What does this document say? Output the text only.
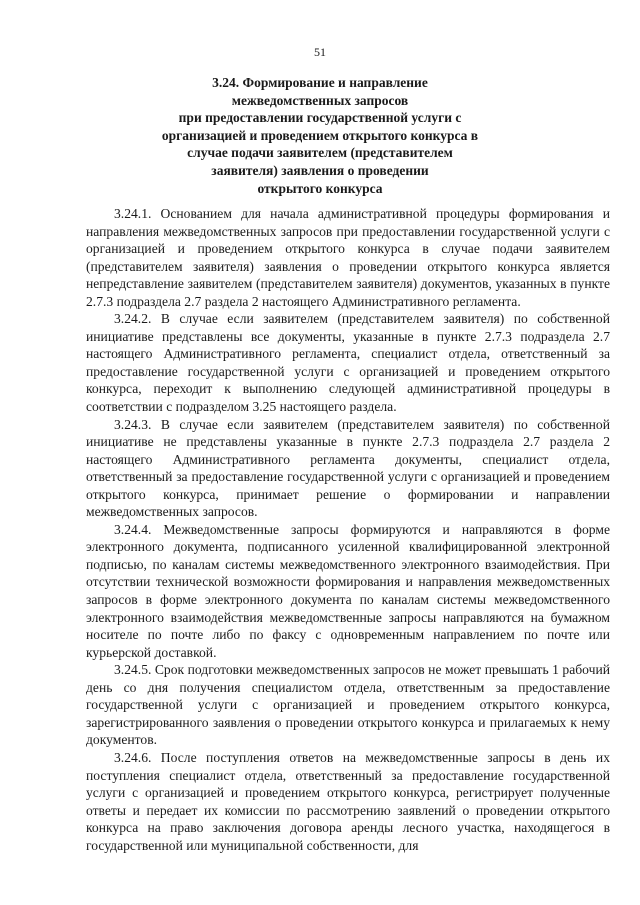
51
3.24. Формирование и направление
межведомственных запросов
при предоставлении государственной услуги с
организацией и проведением открытого конкурса в
случае подачи заявителем (представителем
заявителя) заявления о проведении
открытого конкурса

3.24.1. Основанием для начала административной процедуры формирования и направления межведомственных запросов при предоставлении государственной услуги с организацией и проведением открытого конкурса в случае подачи заявителем (представителем заявителя) заявления о проведении открытого конкурса является непредставление заявителем (представителем заявителя) документов, указанных в пункте 2.7.3 подраздела 2.7 раздела 2 настоящего Административного регламента.

3.24.2. В случае если заявителем (представителем заявителя) по собственной инициативе представлены все документы, указанные в пункте 2.7.3 подраздела 2.7 настоящего Административного регламента, специалист отдела, ответственный за предоставление государственной услуги с организацией и проведением открытого конкурса, переходит к выполнению следующей административной процедуры в соответствии с подразделом 3.25 настоящего раздела.

3.24.3. В случае если заявителем (представителем заявителя) по собственной инициативе не представлены указанные в пункте 2.7.3 подраздела 2.7 раздела 2 настоящего Административного регламента документы, специалист отдела, ответственный за предоставление государственной услуги с организацией и проведением открытого конкурса, принимает решение о формировании и направлении межведомственных запросов.

3.24.4. Межведомственные запросы формируются и направляются в форме электронного документа, подписанного усиленной квалифицированной электронной подписью, по каналам системы межведомственного электронного взаимодействия. При отсутствии технической возможности формирования и направления межведомственных запросов в форме электронного документа по каналам системы межведомственного электронного взаимодействия межведомственные запросы направляются на бумажном носителе по почте либо по факсу с одновременным направлением по почте или курьерской доставкой.

3.24.5. Срок подготовки межведомственных запросов не может превышать 1 рабочий день со дня получения специалистом отдела, ответственным за предоставление государственной услуги с организацией и проведением открытого конкурса, зарегистрированного заявления о проведении открытого конкурса и прилагаемых к нему документов.

3.24.6. После поступления ответов на межведомственные запросы в день их поступления специалист отдела, ответственный за предоставление государственной услуги с организацией и проведением открытого конкурса, регистрирует полученные ответы и передает их комиссии по рассмотрению заявлений о проведении открытого конкурса на право заключения договора аренды лесного участка, находящегося в государственной или муниципальной собственности, для
